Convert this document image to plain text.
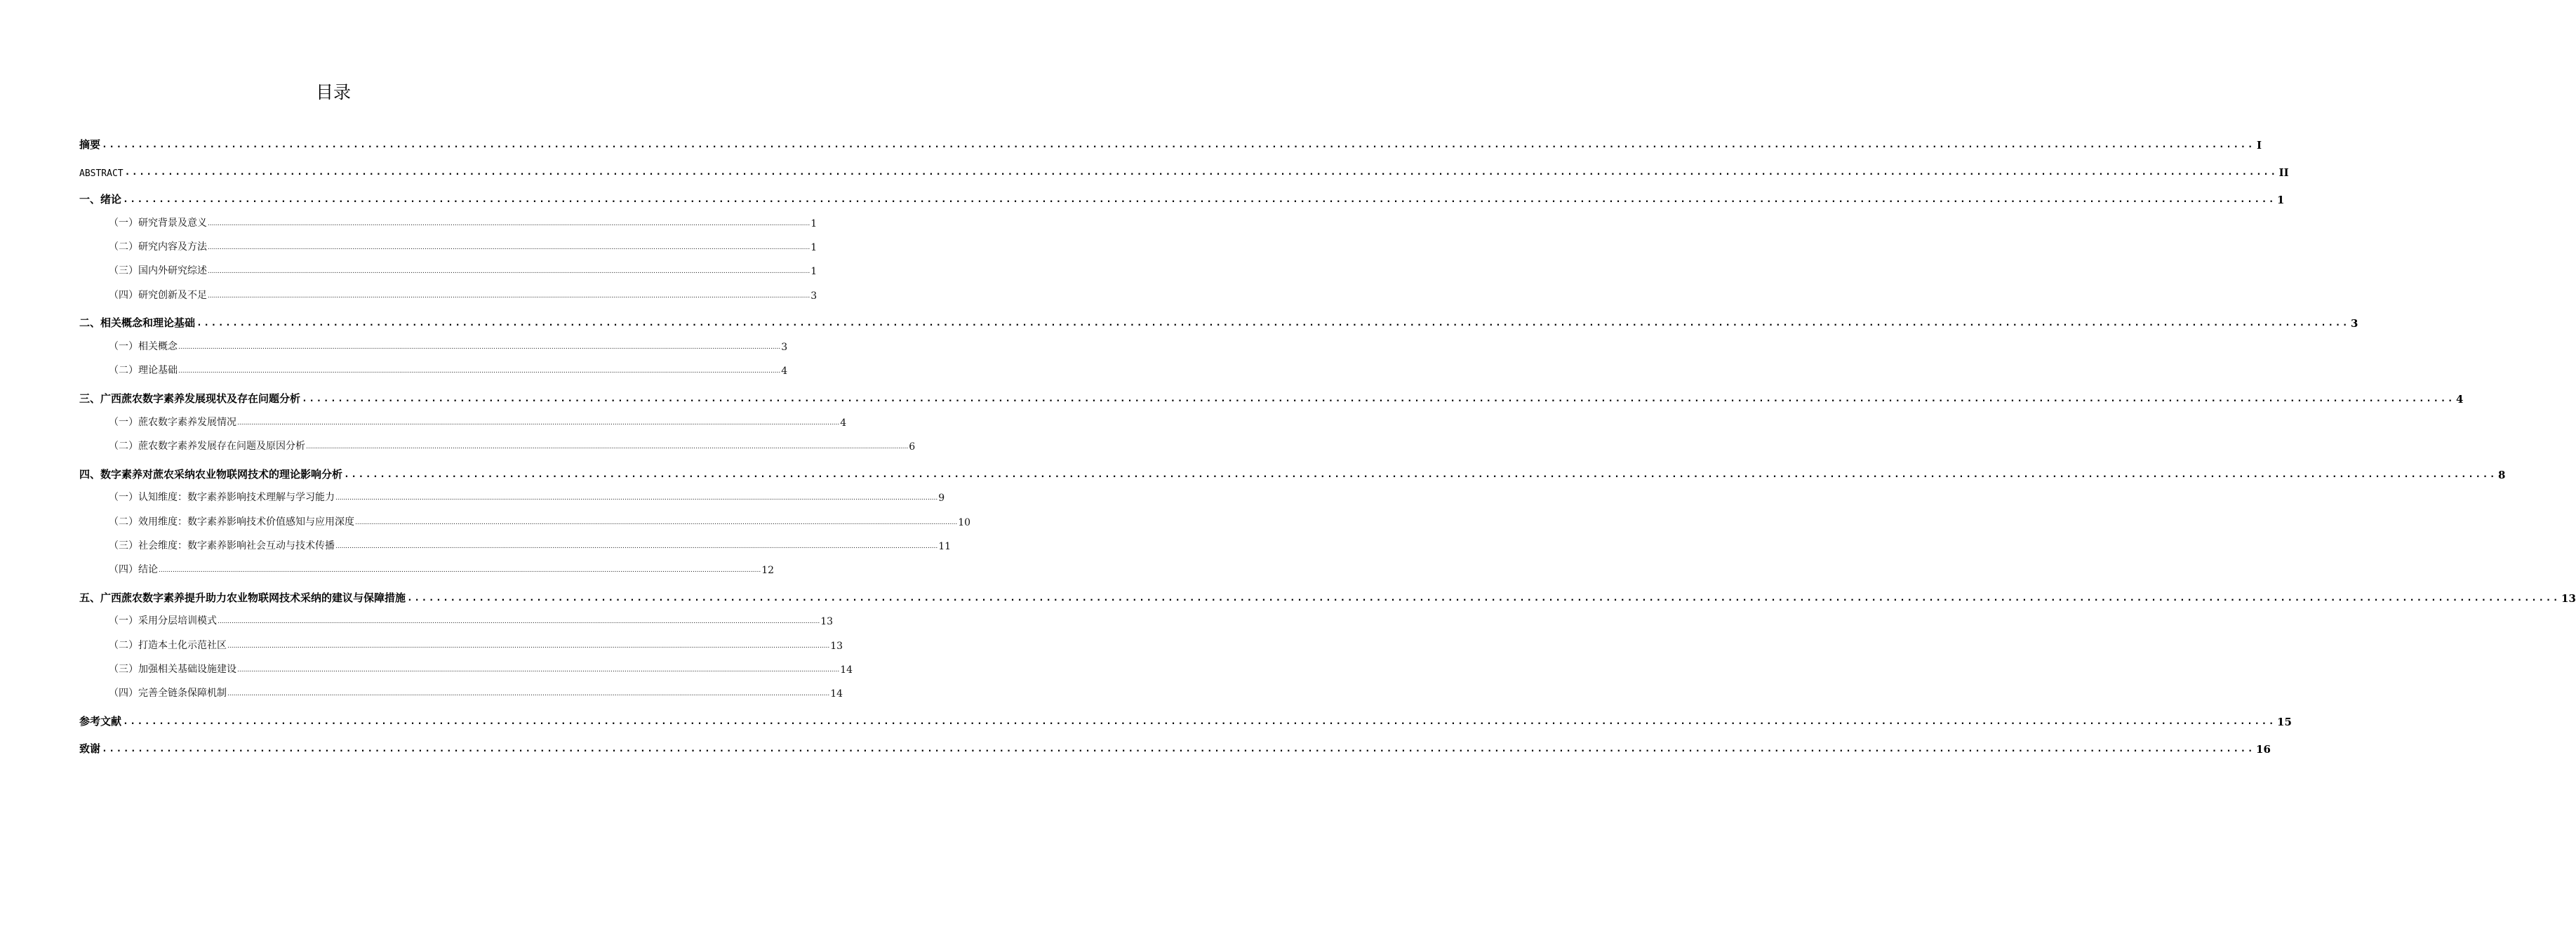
目录
摘要 ............................................................................................................................................................................................................................................................................................................ I
ABSTRACT ............................................................................................................................................................................................................................................................................................................ II
一、 绪论 ............................................................................................................................................................................................................................................................................................................ 1
（一） 研究背景及意义 ............................................................................................................................................................................................................................................................................................................ 1
（二） 研究内容及方法 ............................................................................................................................................................................................................................................................................................................ 1
（三） 国内外研究综述 ............................................................................................................................................................................................................................................................................................................ 1
（四） 研究创新及不足 ............................................................................................................................................................................................................................................................................................................ 3
二、 相关概念和理论基础 ............................................................................................................................................................................................................................................................................................................ 3
（一） 相关概念 ............................................................................................................................................................................................................................................................................................................ 3
（二） 理论基础 ............................................................................................................................................................................................................................................................................................................ 4
三、 广西蔗农数字素养发展现状及存在问题分析 ............................................................................................................................................................................................................................................................................................................ 4
（一） 蔗农数字素养发展情况 ............................................................................................................................................................................................................................................................................................................ 4
（二） 蔗农数字素养发展存在问题及原因分析 ............................................................................................................................................................................................................................................................................................................ 6
四、 数字素养对蔗农采纳农业物联网技术的理论影响分析 ............................................................................................................................................................................................................................................................................................................ 8
（一） 认知维度：数字素养影响技术理解与学习能力 ............................................................................................................................................................................................................................................................................................................ 9
（二） 效用维度：数字素养影响技术价值感知与应用深度 ............................................................................................................................................................................................................................................................................................................ 10
（三） 社会维度：数字素养影响社会互动与技术传播 ............................................................................................................................................................................................................................................................................................................ 11
（四） 结论 ............................................................................................................................................................................................................................................................................................................ 12
五、 广西蔗农数字素养提升助力农业物联网技术采纳的建议与保障措施 ............................................................................................................................................................................................................................................................................................................ 13
（一） 采用分层培训模式 ............................................................................................................................................................................................................................................................................................................ 13
（二） 打造本土化示范社区 ............................................................................................................................................................................................................................................................................................................ 13
（三） 加强相关基础设施建设 ............................................................................................................................................................................................................................................................................................................ 14
（四） 完善全链条保障机制 ............................................................................................................................................................................................................................................................................................................ 14
参考文献 ............................................................................................................................................................................................................................................................................................................ 15
致谢 ............................................................................................................................................................................................................................................................................................................ 16
